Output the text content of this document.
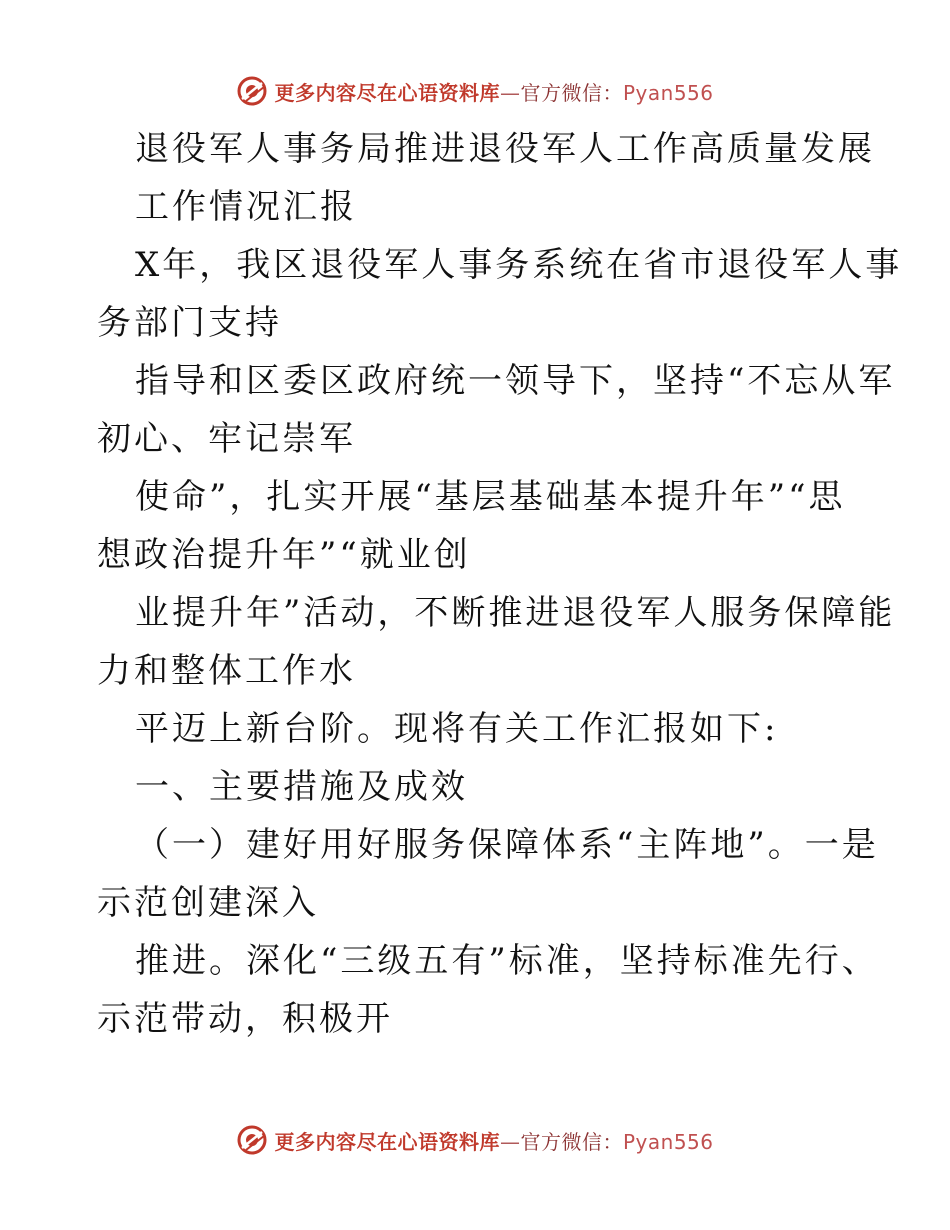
更多内容尽在心语资料库—官方微信：Pyan556

退役军人事务局推进退役军人工作高质量发展

工作情况汇报

X年，我区退役军人事务系统在省市退役军人事

务部门支持

指导和区委区政府统一领导下，坚持“不忘从军

初心、牢记崇军

使命”，扎实开展“基层基础基本提升年”“思

想政治提升年”“就业创

业提升年”活动，不断推进退役军人服务保障能

力和整体工作水

平迈上新台阶。现将有关工作汇报如下:

一、主要措施及成效

（一）建好用好服务保障体系“主阵地”。一是

示范创建深入

推进。深化“三级五有”标准，坚持标准先行、

示范带动，积极开

更多内容尽在心语资料库—官方微信：Pyan556
